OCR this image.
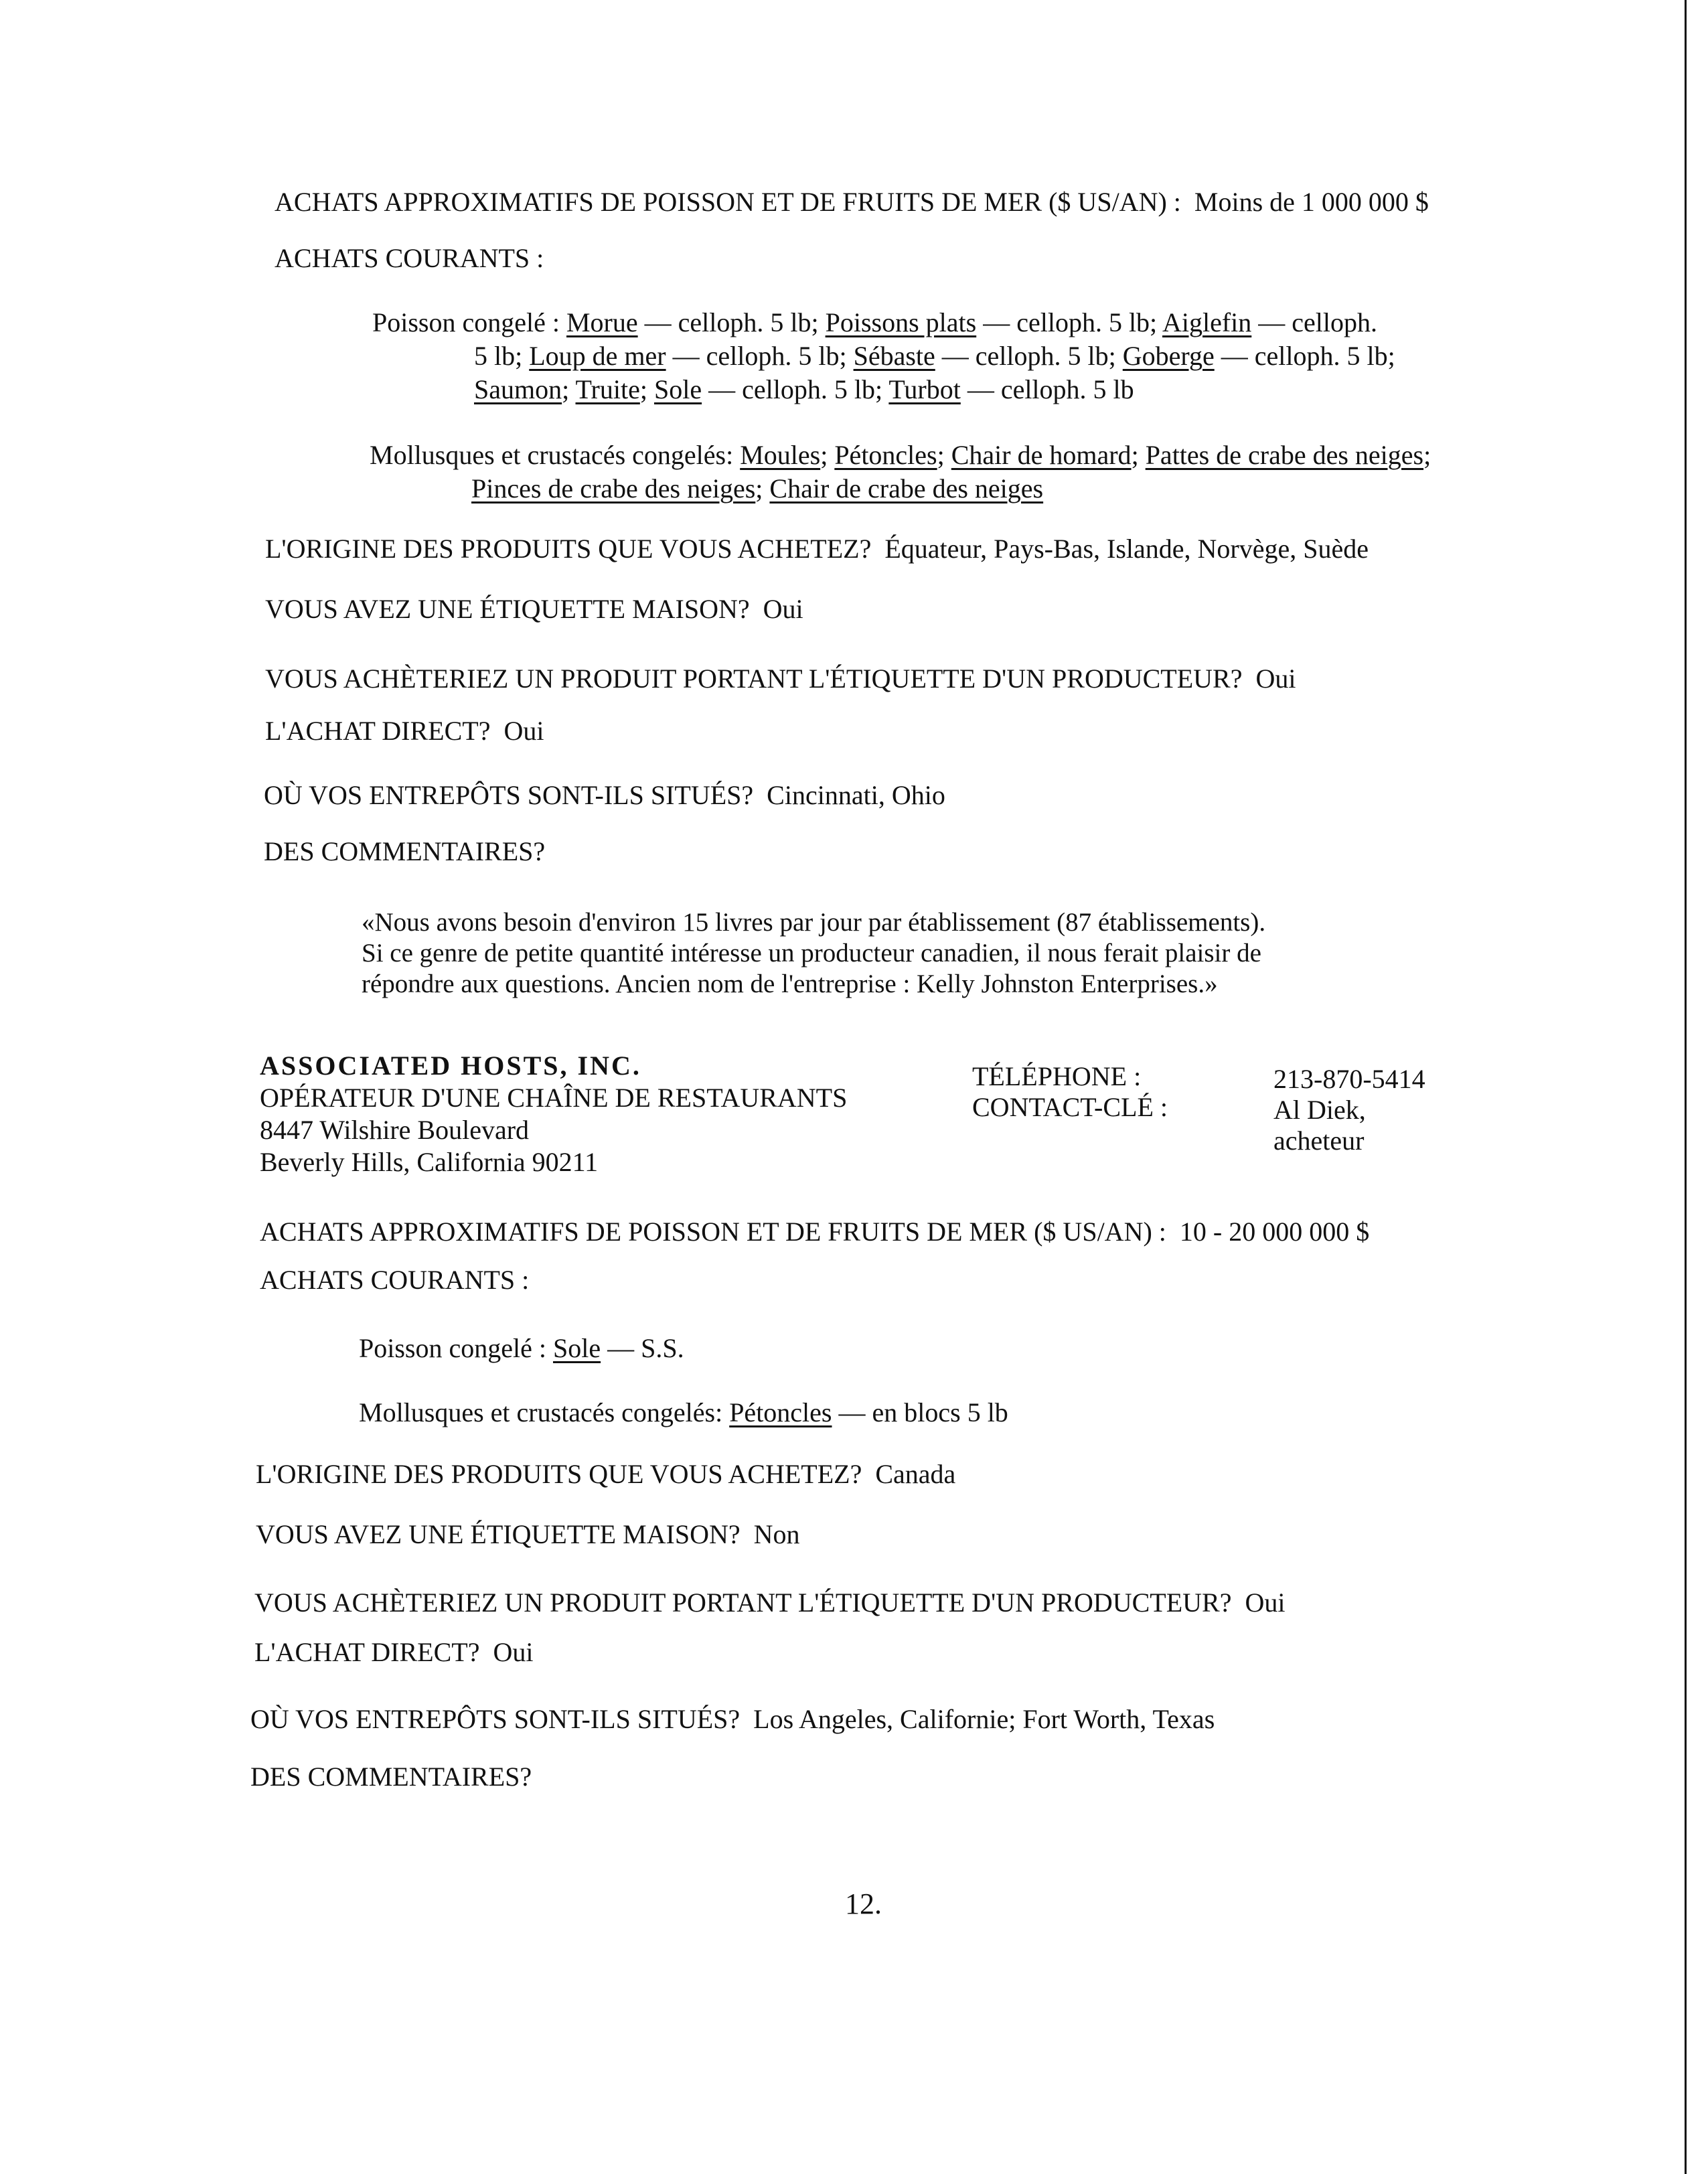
ACHATS APPROXIMATIFS DE POISSON ET DE FRUITS DE MER ($ US/AN) : Moins de 1 000 000 $
ACHATS COURANTS :
Poisson congelé : Morue — celloph. 5 lb; Poissons plats — celloph. 5 lb; Aiglefin — celloph.
5 lb; Loup de mer — celloph. 5 lb; Sébaste — celloph. 5 lb; Goberge — celloph. 5 lb;
Saumon; Truite; Sole — celloph. 5 lb; Turbot — celloph. 5 lb
Mollusques et crustacés congelés: Moules; Pétoncles; Chair de homard; Pattes de crabe des neiges;
Pinces de crabe des neiges; Chair de crabe des neiges
L'ORIGINE DES PRODUITS QUE VOUS ACHETEZ? Équateur, Pays-Bas, Islande, Norvège, Suède
VOUS AVEZ UNE ÉTIQUETTE MAISON? Oui
VOUS ACHÈTERIEZ UN PRODUIT PORTANT L'ÉTIQUETTE D'UN PRODUCTEUR? Oui
L'ACHAT DIRECT? Oui
OÙ VOS ENTREPÔTS SONT-ILS SITUÉS? Cincinnati, Ohio
DES COMMENTAIRES?
«Nous avons besoin d'environ 15 livres par jour par établissement (87 établissements).
Si ce genre de petite quantité intéresse un producteur canadien, il nous ferait plaisir de
répondre aux questions. Ancien nom de l'entreprise : Kelly Johnston Enterprises.»
ASSOCIATED HOSTS, INC.
OPÉRATEUR D'UNE CHAÎNE DE RESTAURANTS
8447 Wilshire Boulevard
Beverly Hills, California 90211
TÉLÉPHONE :
CONTACT-CLÉ :
213-870-5414
Al Diek,
acheteur
ACHATS APPROXIMATIFS DE POISSON ET DE FRUITS DE MER ($ US/AN) : 10 - 20 000 000 $
ACHATS COURANTS :
Poisson congelé : Sole — S.S.
Mollusques et crustacés congelés: Pétoncles — en blocs 5 lb
L'ORIGINE DES PRODUITS QUE VOUS ACHETEZ? Canada
VOUS AVEZ UNE ÉTIQUETTE MAISON? Non
VOUS ACHÈTERIEZ UN PRODUIT PORTANT L'ÉTIQUETTE D'UN PRODUCTEUR? Oui
L'ACHAT DIRECT? Oui
OÙ VOS ENTREPÔTS SONT-ILS SITUÉS? Los Angeles, Californie; Fort Worth, Texas
DES COMMENTAIRES?
12.
